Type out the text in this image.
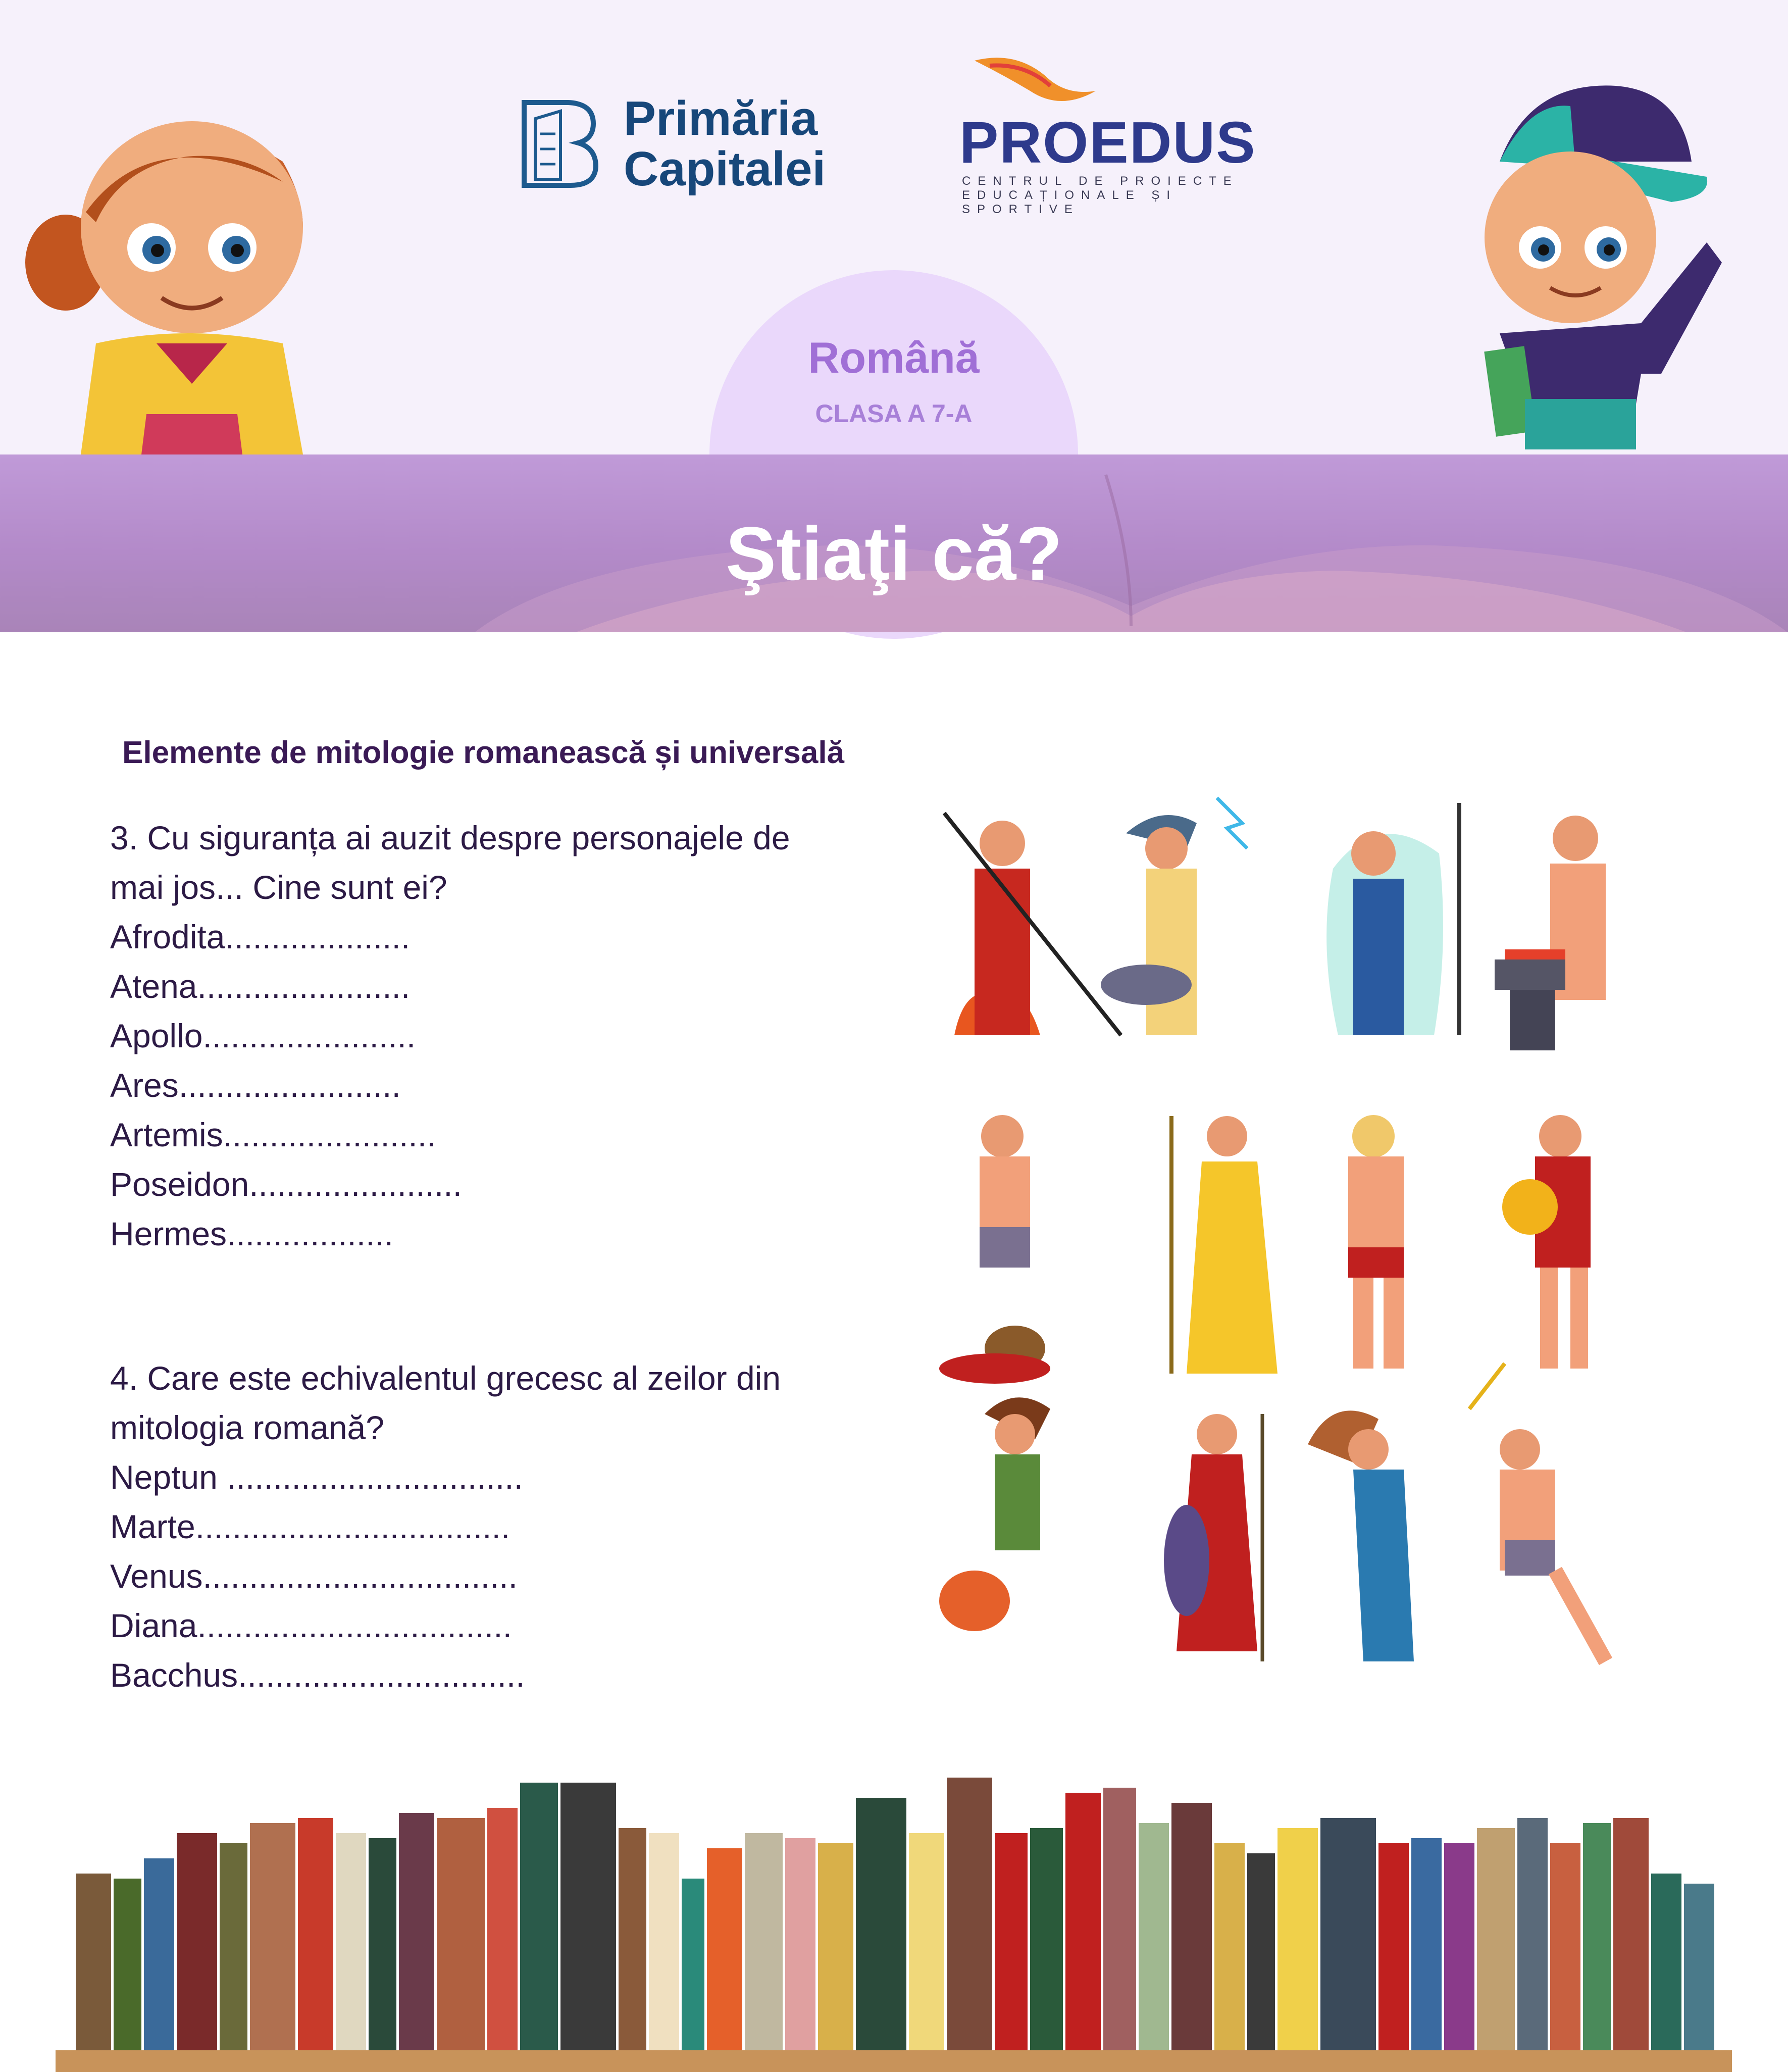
Primăria
Capitalei PROEDUS
CENTRUL DE PROIECTE
EDUCAȚIONALE ȘI SPORTIVE
Română
CLASA A 7-A
Ştiaţi că?
Elemente de mitologie romanească și universală
3. Cu siguranța ai auzit despre personajele de
mai jos... Cine sunt ei?
Afrodita....................
Atena.......................
Apollo.......................
Ares........................
Artemis.......................
Poseidon.......................
Hermes..................
4. Care este echivalentul grecesc al zeilor din
mitologia romană?
Neptun ................................
Marte..................................
Venus..................................
Diana..................................
Bacchus...............................
